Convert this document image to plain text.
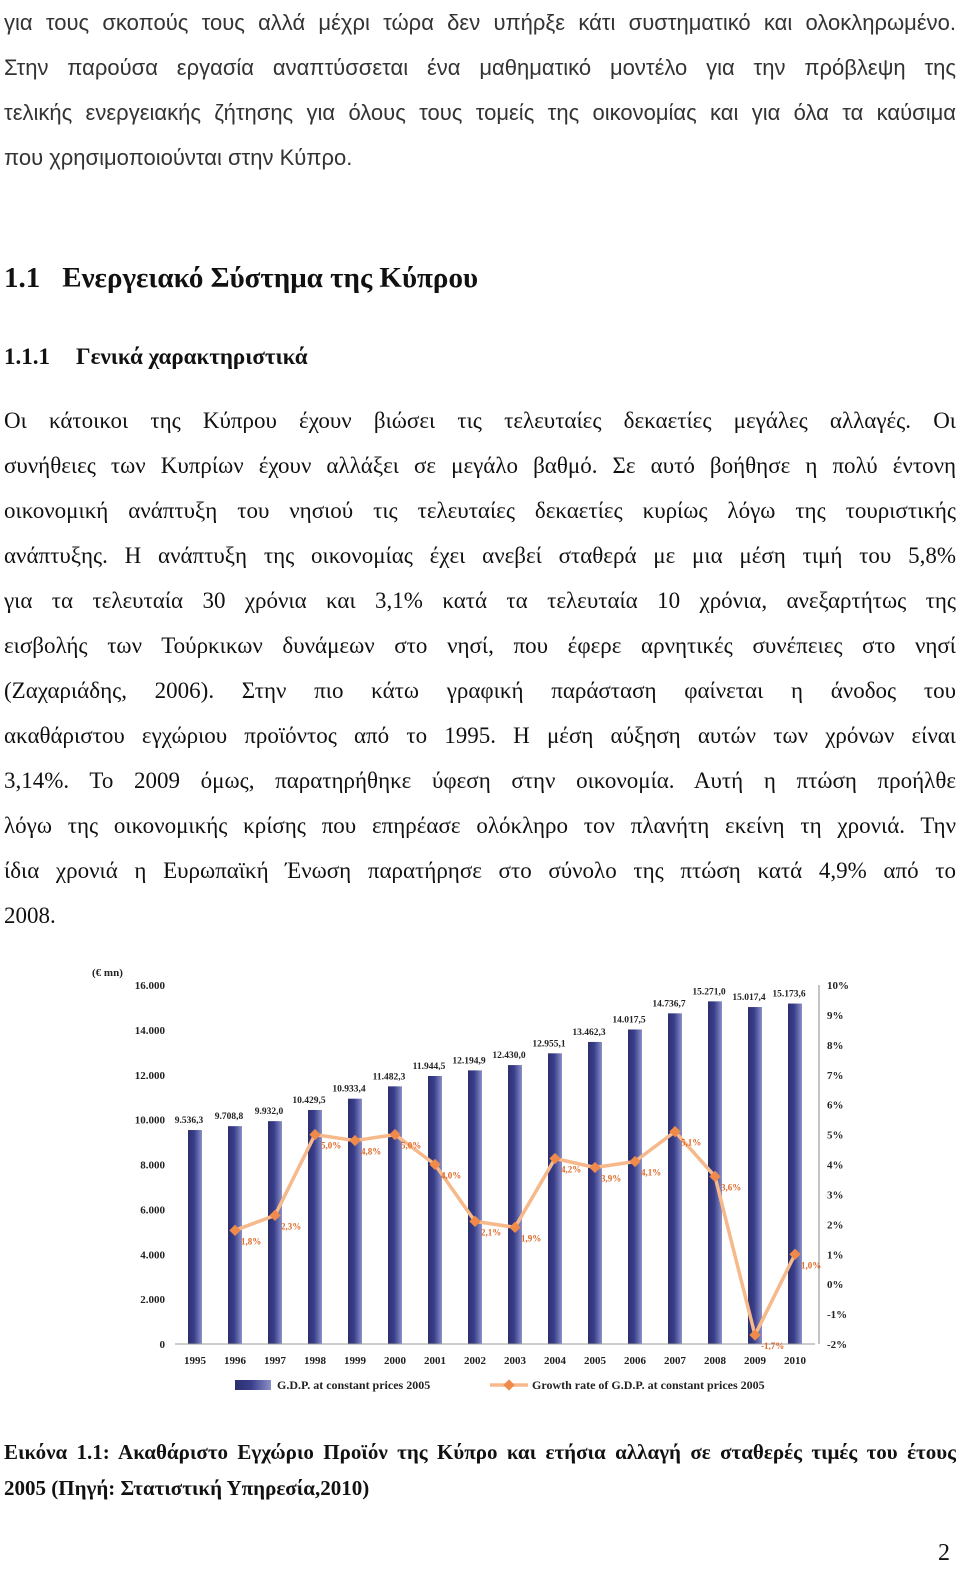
για τους σκοπούς τους αλλά μέχρι τώρα δεν υπήρξε κάτι συστηματικό και ολοκληρωμένο.
Στην παρούσα εργασία αναπτύσσεται ένα μαθηματικό μοντέλο για την πρόβλεψη της
τελικής ενεργειακής ζήτησης για όλους τους τομείς της οικονομίας και για όλα τα καύσιμα
που χρησιμοποιούνται στην Κύπρο.
1.1 Ενεργειακό Σύστημα της Κύπρου
1.1.1 Γενικά χαρακτηριστικά
Οι κάτοικοι της Κύπρου έχουν βιώσει τις τελευταίες δεκαετίες μεγάλες αλλαγές. Οι
συνήθειες των Κυπρίων έχουν αλλάξει σε μεγάλο βαθμό. Σε αυτό βοήθησε η πολύ έντονη
οικονομική ανάπτυξη του νησιού τις τελευταίες δεκαετίες κυρίως λόγω της τουριστικής
ανάπτυξης. Η ανάπτυξη της οικονομίας έχει ανεβεί σταθερά με μια μέση τιμή του 5,8%
για τα τελευταία 30 χρόνια και 3,1% κατά τα τελευταία 10 χρόνια, ανεξαρτήτως της
εισβολής των Τούρκικων δυνάμεων στο νησί, που έφερε αρνητικές συνέπειες στο νησί
(Ζαχαριάδης, 2006). Στην πιο κάτω γραφική παράσταση φαίνεται η άνοδος του
ακαθάριστου εγχώριου προϊόντος από το 1995. Η μέση αύξηση αυτών των χρόνων είναι
3,14%. Το 2009 όμως, παρατηρήθηκε ύφεση στην οικονομία. Αυτή η πτώση προήλθε
λόγω της οικονομικής κρίσης που επηρέασε ολόκληρο τον πλανήτη εκείνη τη χρονιά. Την
ίδια χρονιά η Ευρωπαϊκή Ένωση παρατήρησε στο σύνολο της πτώση κατά 4,9% από το
2008.
(€ mn)
0
2.000
4.000
6.000
8.000
10.000
12.000
14.000
16.000
-2%
-1%
0%
1%
2%
3%
4%
5%
6%
7%
8%
9%
10%
9.536,3 9.708,8
9.932,0
10.429,5
10.933,4
11.482,3
11.944,5
12.194,9
12.430,0
12.955,1
13.462,3
14.017,5
14.736,7
15.271,0
15.017,4 15.173,6
1,8%
2,3%
5,0%
4,8%
5,0%
4,0%
2,1%
1,9%
4,2%
3,9%
4,1%
5,1%
3,6%
-1,7%
1,0%
1995 1996 1997 1998 1999 2000 2001 2002 2003 2004 2005 2006 2007 2008 2009 2010
G.D.P. at constant prices 2005	Growth rate of G.D.P. at constant prices 2005
Εικόνα 1.1: Ακαθάριστο Εγχώριο Προϊόν της Κύπρο και ετήσια αλλαγή σε σταθερές τιμές του έτους
2005 (Πηγή: Στατιστική Υπηρεσία,2010)
2
